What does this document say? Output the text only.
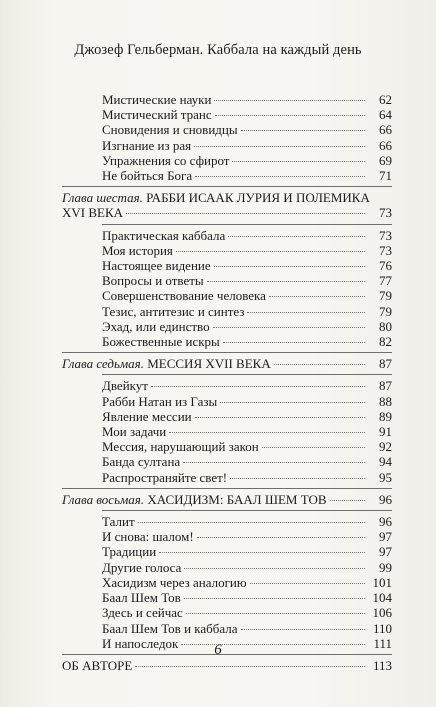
Джозеф Гельберман. Каббала на каждый день
Мистические науки	62
Мистический транс	64
Сновидения и сновидцы	66
Изгнание из рая	66
Упражнения со сфирот	69
Не бойться Бога	71
Глава шестая. РАББИ ИСААК ЛУРИЯ И ПОЛЕМИКА
XVI ВЕКА	73
Практическая каббала	73
Моя история	73
Настоящее видение	76
Вопросы и ответы	77
Совершенствование человека	79
Тезис, антитезис и синтез	79
Эхад, или единство	80
Божественные искры	82
Глава седьмая. МЕССИЯ XVII ВЕКА	87
Двейкут	87
Рабби Натан из Газы	88
Явление мессии	89
Мои задачи	91
Мессия, нарушающий закон	92
Банда султана	94
Распространяйте свет!	95
Глава восьмая. ХАСИДИЗМ: БААЛ ШЕМ ТОВ	96
Талит	96
И снова: шалом!	97
Традиции	97
Другие голоса	99
Хасидизм через аналогию	101
Баал Шем Тов	104
Здесь и сейчас	106
Баал Шем Тов и каббала	110
И напоследок	111
ОБ АВТОРЕ	113
6
